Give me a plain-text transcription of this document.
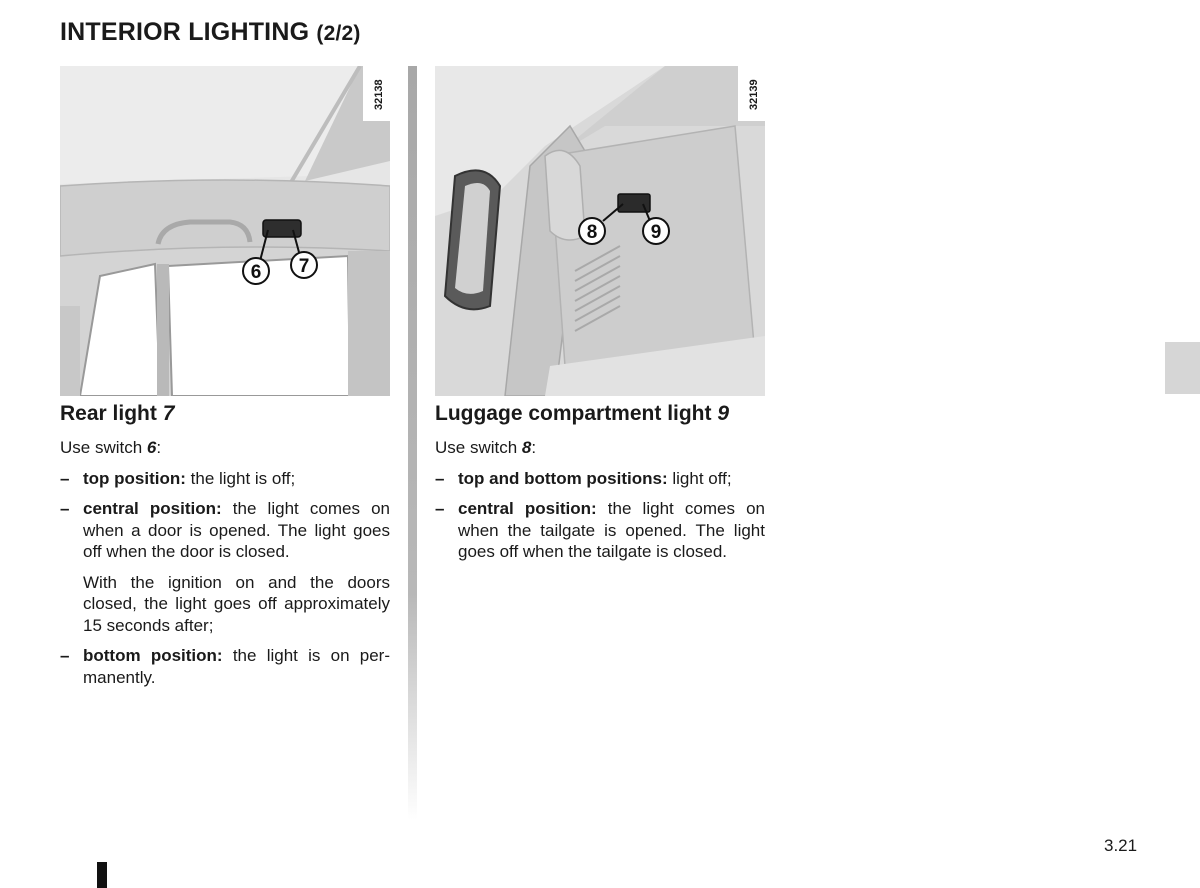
INTERIOR LIGHTING (2/2)
32138
6 7
32139
8	9
Rear light 7

Use switch 6:

– top position: the light is off;
– central position: the light comes on when a door is opened. The light goes off when the door is closed.

With the ignition on and the doors closed, the light goes off approximately 15 seconds after;

– bottom position: the light is on permanently.
Luggage compartment light 9

Use switch 8:

– top and bottom positions: light off;
– central position: the light comes on when the tailgate is opened. The light goes off when the tailgate is closed.
3.21
